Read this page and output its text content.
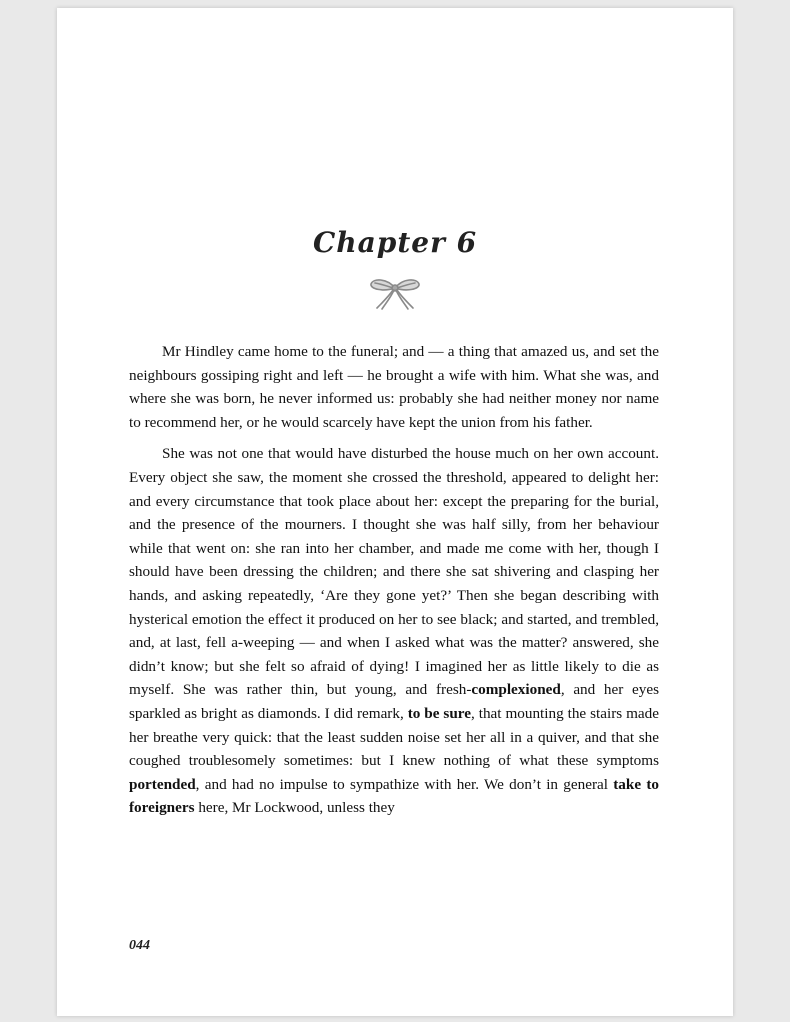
Chapter 6

Mr Hindley came home to the funeral; and — a thing that amazed us, and set the neighbours gossiping right and left — he brought a wife with him. What she was, and where she was born, he never informed us: probably she had neither money nor name to recommend her, or he would scarcely have kept the union from his father.

She was not one that would have disturbed the house much on her own account. Every object she saw, the moment she crossed the threshold, appeared to delight her: and every circumstance that took place about her: except the preparing for the burial, and the presence of the mourners. I thought she was half silly, from her behaviour while that went on: she ran into her chamber, and made me come with her, though I should have been dressing the children; and there she sat shivering and clasping her hands, and asking repeatedly, ‘Are they gone yet?’ Then she began describing with hysterical emotion the effect it produced on her to see black; and started, and trembled, and, at last, fell a-weeping — and when I asked what was the matter? answered, she didn’t know; but she felt so afraid of dying! I imagined her as little likely to die as myself. She was rather thin, but young, and fresh-complexioned, and her eyes sparkled as bright as diamonds. I did remark, to be sure, that mounting the stairs made her breathe very quick: that the least sudden noise set her all in a quiver, and that she coughed troublesomely sometimes: but I knew nothing of what these symptoms portended, and had no impulse to sympathize with her. We don’t in general take to foreigners here, Mr Lockwood, unless they

044
